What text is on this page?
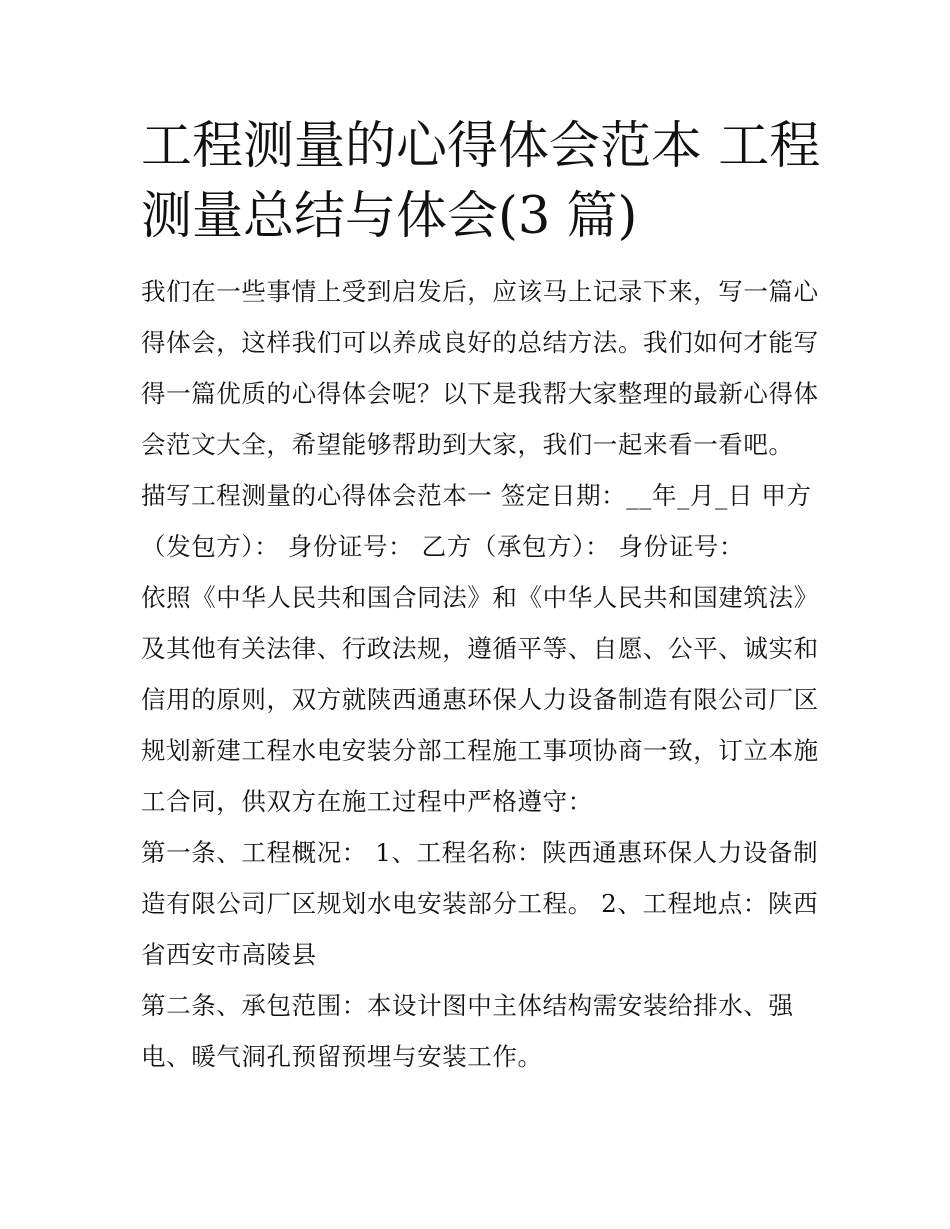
工程测量的心得体会范本 工程
测量总结与体会(3 篇)

我们在一些事情上受到启发后，应该马上记录下来，写一篇心
得体会，这样我们可以养成良好的总结方法。我们如何才能写
得一篇优质的心得体会呢？以下是我帮大家整理的最新心得体
会范文大全，希望能够帮助到大家，我们一起来看一看吧。

描写工程测量的心得体会范本一 签定日期：__年_月_日 甲方
（发包方）： 身份证号： 乙方（承包方）： 身份证号：

依照《中华人民共和国合同法》和《中华人民共和国建筑法》
及其他有关法律、行政法规，遵循平等、自愿、公平、诚实和
信用的原则，双方就陕西通惠环保人力设备制造有限公司厂区
规划新建工程水电安装分部工程施工事项协商一致，订立本施
工合同，供双方在施工过程中严格遵守：

第一条、工程概况： 1、工程名称：陕西通惠环保人力设备制
造有限公司厂区规划水电安装部分工程。 2、工程地点：陕西
省西安市高陵县

第二条、承包范围：本设计图中主体结构需安装给排水、强
电、暖气洞孔预留预埋与安装工作。
